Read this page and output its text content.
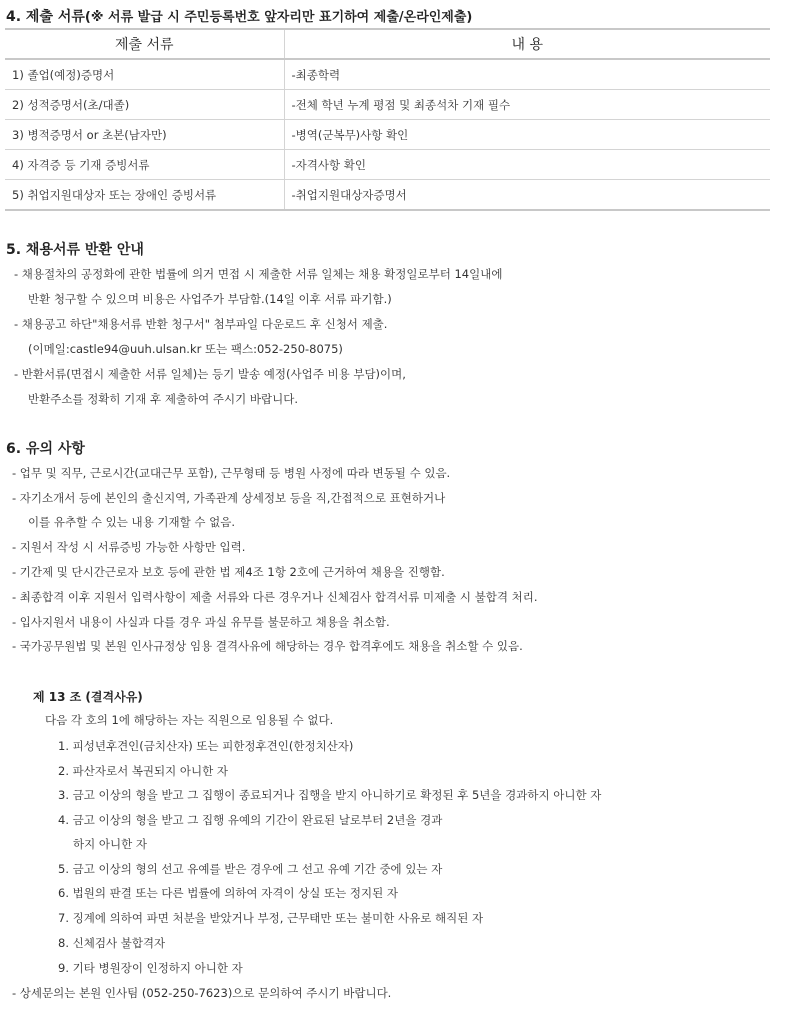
4. 제출 서류(※ 서류 발급 시 주민등록번호 앞자리만 표기하여 제출/온라인제출)
제출 서류	내 용
1) 졸업(예정)증명서	-최종학력
2) 성적증명서(초/대졸)	-전체 학년 누계 평점 및 최종석차 기재 필수
3) 병적증명서 or 초본(남자만)	-병역(군복무)사항 확인
4) 자격증 등 기재 증빙서류	-자격사항 확인
5) 취업지원대상자 또는 장애인 증빙서류	-취업지원대상자증명서
5. 채용서류 반환 안내
- 채용절차의 공정화에 관한 법률에 의거 면접 시 제출한 서류 일체는 채용 확정일로부터 14일내에
반환 청구할 수 있으며 비용은 사업주가 부담함.(14일 이후 서류 파기함.)
- 채용공고 하단"채용서류 반환 청구서" 첨부파일 다운로드 후 신청서 제출.
(이메일:castle94@uuh.ulsan.kr 또는 팩스:052-250-8075)
- 반환서류(면접시 제출한 서류 일체)는 등기 발송 예정(사업주 비용 부담)이며,
반환주소를 정확히 기재 후 제출하여 주시기 바랍니다.
6. 유의 사항
- 업무 및 직무, 근로시간(교대근무 포함), 근무형태 등 병원 사정에 따라 변동될 수 있음.
- 자기소개서 등에 본인의 출신지역, 가족관계 상세정보 등을 직,간접적으로 표현하거나
이를 유추할 수 있는 내용 기재할 수 없음.
- 지원서 작성 시 서류증빙 가능한 사항만 입력.
- 기간제 및 단시간근로자 보호 등에 관한 법 제4조 1항 2호에 근거하여 채용을 진행함.
- 최종합격 이후 지원서 입력사항이 제출 서류와 다른 경우거나 신체검사 합격서류 미제출 시 불합격 처리.
- 입사지원서 내용이 사실과 다를 경우 과실 유무를 불문하고 채용을 취소함.
- 국가공무원법 및 본원 인사규정상 임용 결격사유에 해당하는 경우 합격후에도 채용을 취소할 수 있음.
제 13 조 (결격사유)
다음 각 호의 1에 해당하는 자는 직원으로 임용될 수 없다.
1. 피성년후견인(금치산자) 또는 피한정후견인(한정치산자)
2. 파산자로서 복권되지 아니한 자
3. 금고 이상의 형을 받고 그 집행이 종료되거나 집행을 받지 아니하기로 확정된 후 5년을 경과하지 아니한 자
4. 금고 이상의 형을 받고 그 집행 유예의 기간이 완료된 날로부터 2년을 경과
하지 아니한 자
5. 금고 이상의 형의 선고 유예를 받은 경우에 그 선고 유예 기간 중에 있는 자
6. 법원의 판결 또는 다른 법률에 의하여 자격이 상실 또는 정지된 자
7. 징계에 의하여 파면 처분을 받았거나 부정, 근무태만 또는 불미한 사유로 해직된 자
8. 신체검사 불합격자
9. 기타 병원장이 인정하지 아니한 자
- 상세문의는 본원 인사팀 (052-250-7623)으로 문의하여 주시기 바랍니다.
